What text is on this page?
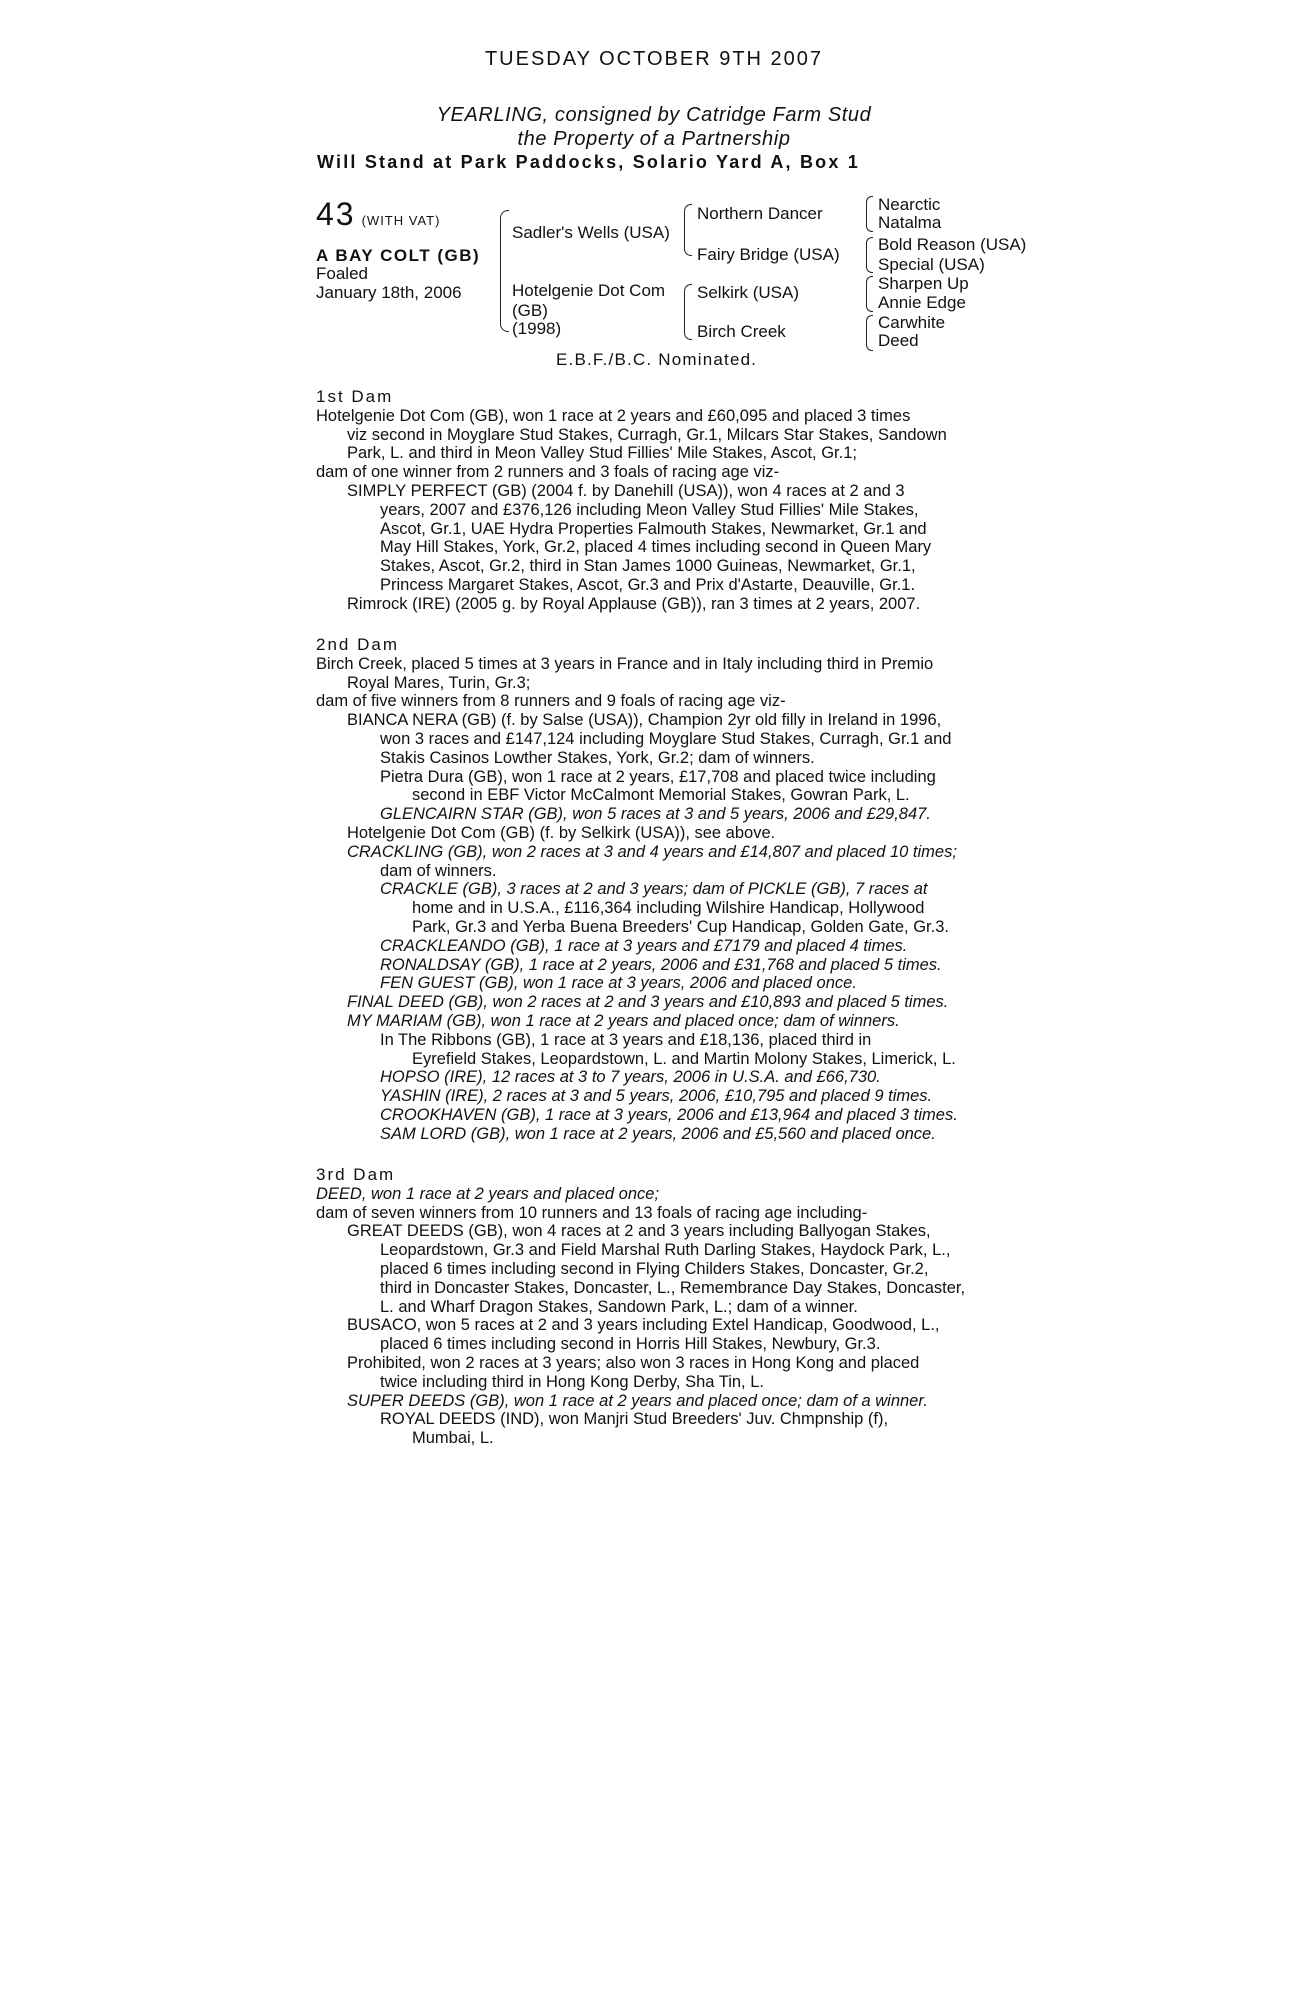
TUESDAY OCTOBER 9TH 2007
YEARLING, consigned by Catridge Farm Stud
the Property of a Partnership
Will Stand at Park Paddocks, Solario Yard A, Box 1
43 (WITH VAT)
A BAY COLT (GB)
Foaled
January 18th, 2006
Sadler's Wells (USA)
Hotelgenie Dot Com
(GB)
(1998)
Northern Dancer
Fairy Bridge (USA)
Selkirk (USA)
Birch Creek
Nearctic
Natalma
Bold Reason (USA)
Special (USA)
Sharpen Up
Annie Edge
Carwhite
Deed
E.B.F./B.C. Nominated.

1st Dam

Hotelgenie Dot Com (GB), won 1 race at 2 years and £60,095 and placed 3 times

viz second in Moyglare Stud Stakes, Curragh, Gr.1, Milcars Star Stakes, Sandown

Park, L. and third in Meon Valley Stud Fillies' Mile Stakes, Ascot, Gr.1;

dam of one winner from 2 runners and 3 foals of racing age viz-

SIMPLY PERFECT (GB) (2004 f. by Danehill (USA)), won 4 races at 2 and 3

years, 2007 and £376,126 including Meon Valley Stud Fillies' Mile Stakes,

Ascot, Gr.1, UAE Hydra Properties Falmouth Stakes, Newmarket, Gr.1 and

May Hill Stakes, York, Gr.2, placed 4 times including second in Queen Mary

Stakes, Ascot, Gr.2, third in Stan James 1000 Guineas, Newmarket, Gr.1,

Princess Margaret Stakes, Ascot, Gr.3 and Prix d'Astarte, Deauville, Gr.1.

Rimrock (IRE) (2005 g. by Royal Applause (GB)), ran 3 times at 2 years, 2007.

2nd Dam

Birch Creek, placed 5 times at 3 years in France and in Italy including third in Premio

Royal Mares, Turin, Gr.3;

dam of five winners from 8 runners and 9 foals of racing age viz-

BIANCA NERA (GB) (f. by Salse (USA)), Champion 2yr old filly in Ireland in 1996,

won 3 races and £147,124 including Moyglare Stud Stakes, Curragh, Gr.1 and

Stakis Casinos Lowther Stakes, York, Gr.2; dam of winners.

Pietra Dura (GB), won 1 race at 2 years, £17,708 and placed twice including

second in EBF Victor McCalmont Memorial Stakes, Gowran Park, L.

GLENCAIRN STAR (GB), won 5 races at 3 and 5 years, 2006 and £29,847.

Hotelgenie Dot Com (GB) (f. by Selkirk (USA)), see above.

CRACKLING (GB), won 2 races at 3 and 4 years and £14,807 and placed 10 times;

dam of winners.

CRACKLE (GB), 3 races at 2 and 3 years; dam of PICKLE (GB), 7 races at

home and in U.S.A., £116,364 including Wilshire Handicap, Hollywood

Park, Gr.3 and Yerba Buena Breeders' Cup Handicap, Golden Gate, Gr.3.

CRACKLEANDO (GB), 1 race at 3 years and £7179 and placed 4 times.

RONALDSAY (GB), 1 race at 2 years, 2006 and £31,768 and placed 5 times.

FEN GUEST (GB), won 1 race at 3 years, 2006 and placed once.

FINAL DEED (GB), won 2 races at 2 and 3 years and £10,893 and placed 5 times.

MY MARIAM (GB), won 1 race at 2 years and placed once; dam of winners.

In The Ribbons (GB), 1 race at 3 years and £18,136, placed third in

Eyrefield Stakes, Leopardstown, L. and Martin Molony Stakes, Limerick, L.

HOPSO (IRE), 12 races at 3 to 7 years, 2006 in U.S.A. and £66,730.

YASHIN (IRE), 2 races at 3 and 5 years, 2006, £10,795 and placed 9 times.

CROOKHAVEN (GB), 1 race at 3 years, 2006 and £13,964 and placed 3 times.

SAM LORD (GB), won 1 race at 2 years, 2006 and £5,560 and placed once.

3rd Dam

DEED, won 1 race at 2 years and placed once;

dam of seven winners from 10 runners and 13 foals of racing age including-

GREAT DEEDS (GB), won 4 races at 2 and 3 years including Ballyogan Stakes,

Leopardstown, Gr.3 and Field Marshal Ruth Darling Stakes, Haydock Park, L.,

placed 6 times including second in Flying Childers Stakes, Doncaster, Gr.2,

third in Doncaster Stakes, Doncaster, L., Remembrance Day Stakes, Doncaster,

L. and Wharf Dragon Stakes, Sandown Park, L.; dam of a winner.

BUSACO, won 5 races at 2 and 3 years including Extel Handicap, Goodwood, L.,

placed 6 times including second in Horris Hill Stakes, Newbury, Gr.3.

Prohibited, won 2 races at 3 years; also won 3 races in Hong Kong and placed

twice including third in Hong Kong Derby, Sha Tin, L.

SUPER DEEDS (GB), won 1 race at 2 years and placed once; dam of a winner.

ROYAL DEEDS (IND), won Manjri Stud Breeders' Juv. Chmpnship (f),

Mumbai, L.
